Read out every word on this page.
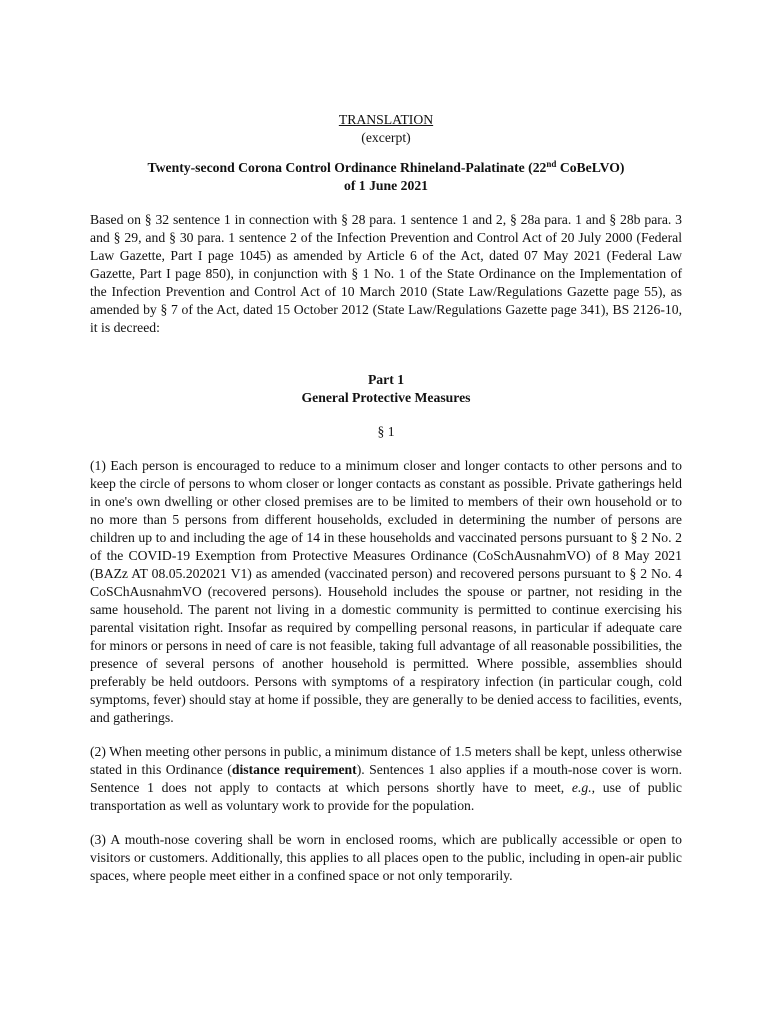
TRANSLATION

(excerpt)

Twenty-second Corona Control Ordinance Rhineland-Palatinate (22nd CoBeLVO)

of 1 June 2021

Based on § 32 sentence 1 in connection with § 28 para. 1 sentence 1 and 2, § 28a para. 1 and § 28b para. 3 and § 29, and § 30 para. 1 sentence 2 of the Infection Prevention and Control Act of 20 July 2000 (Federal Law Gazette, Part I page 1045) as amended by Article 6 of the Act, dated 07 May 2021 (Federal Law Gazette, Part I page 850), in conjunction with § 1 No. 1 of the State Ordinance on the Implementation of the Infection Prevention and Control Act of 10 March 2010 (State Law/Regulations Gazette page 55), as amended by § 7 of the Act, dated 15 October 2012 (State Law/Regulations Gazette page 341), BS 2126-10, it is decreed:

Part 1

General Protective Measures

§ 1

(1) Each person is encouraged to reduce to a minimum closer and longer contacts to other persons and to keep the circle of persons to whom closer or longer contacts as constant as possible. Private gatherings held in one's own dwelling or other closed premises are to be limited to members of their own household or to no more than 5 persons from different households, excluded in determining the number of persons are children up to and including the age of 14 in these households and vaccinated persons pursuant to § 2 No. 2 of the COVID-19 Exemption from Protective Measures Ordinance (CoSchAusnahmVO) of 8 May 2021 (BAZz AT 08.05.202021 V1) as amended (vaccinated person) and recovered persons pursuant to § 2 No. 4 CoSChAusnahmVO (recovered persons). Household includes the spouse or partner, not residing in the same household. The parent not living in a domestic community is permitted to continue exercising his parental visitation right. Insofar as required by compelling personal reasons, in particular if adequate care for minors or persons in need of care is not feasible, taking full advantage of all reasonable possibilities, the presence of several persons of another household is permitted. Where possible, assemblies should preferably be held outdoors. Persons with symptoms of a respiratory infection (in particular cough, cold symptoms, fever) should stay at home if possible, they are generally to be denied access to facilities, events, and gatherings.

(2) When meeting other persons in public, a minimum distance of 1.5 meters shall be kept, unless otherwise stated in this Ordinance (distance requirement). Sentences 1 also applies if a mouth-nose cover is worn. Sentence 1 does not apply to contacts at which persons shortly have to meet, e.g., use of public transportation as well as voluntary work to provide for the population.

(3) A mouth-nose covering shall be worn in enclosed rooms, which are publically accessible or open to visitors or customers. Additionally, this applies to all places open to the public, including in open-air public spaces, where people meet either in a confined space or not only temporarily.
